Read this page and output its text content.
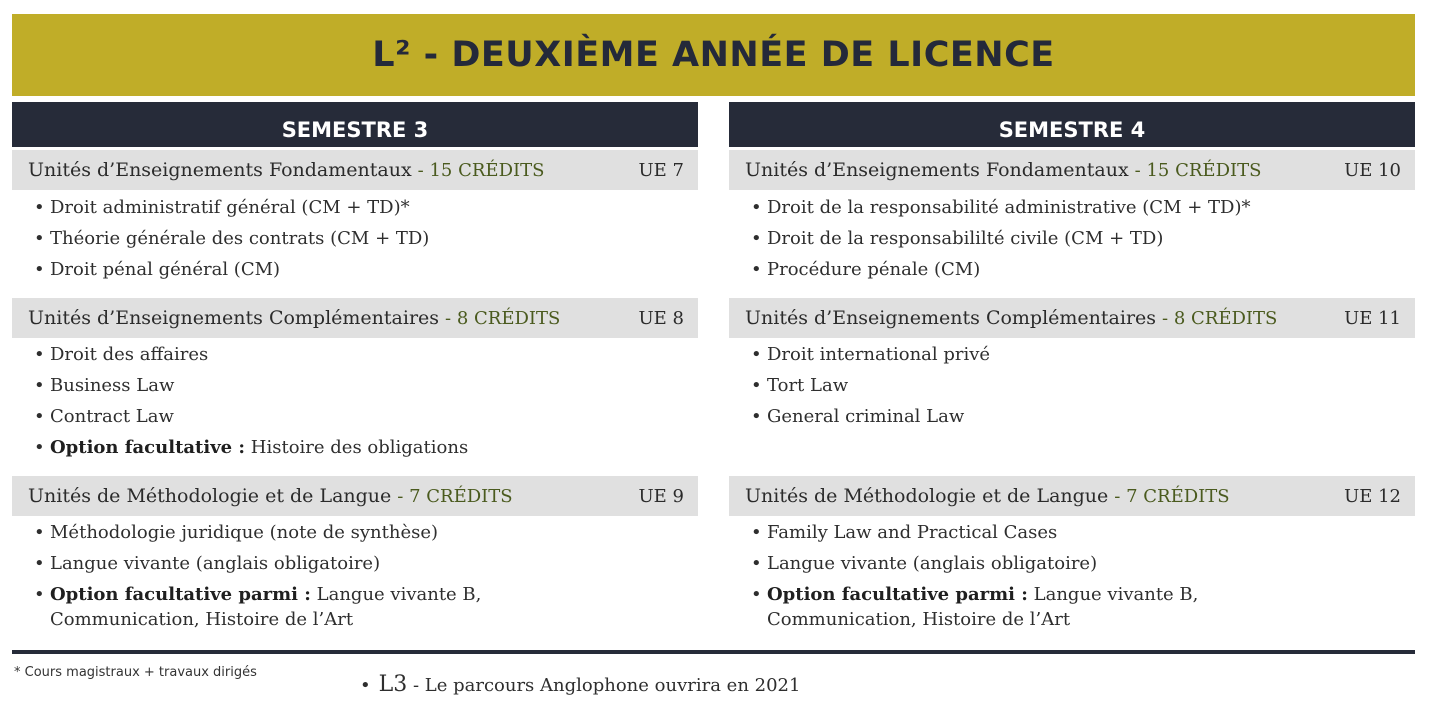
L² - DEUXIÈME ANNÉE DE LICENCE
SEMESTRE 3
Unités d’Enseignements Fondamentaux - 15 CRÉDITS	UE 7
• Droit administratif général (CM + TD)*
• Théorie générale des contrats (CM + TD)
• Droit pénal général (CM)
Unités d’Enseignements Complémentaires - 8 CRÉDITS	UE 8
• Droit des affaires
• Business Law
• Contract Law
• Option facultative : Histoire des obligations
Unités de Méthodologie et de Langue - 7 CRÉDITS	UE 9
• Méthodologie juridique (note de synthèse)
• Langue vivante (anglais obligatoire)
• Option facultative parmi : Langue vivante B, Communication, Histoire de l’Art
SEMESTRE 4
Unités d’Enseignements Fondamentaux - 15 CRÉDITS	UE 10
• Droit de la responsabilité administrative (CM + TD)*
• Droit de la responsabililté civile (CM + TD)
• Procédure pénale (CM)
Unités d’Enseignements Complémentaires - 8 CRÉDITS	UE 11
• Droit international privé
• Tort Law
• General criminal Law
Unités de Méthodologie et de Langue - 7 CRÉDITS	UE 12
• Family Law and Practical Cases
• Langue vivante (anglais obligatoire)
• Option facultative parmi : Langue vivante B, Communication, Histoire de l’Art
* Cours magistraux + travaux dirigés
• L3 - Le parcours Anglophone ouvrira en 2021
